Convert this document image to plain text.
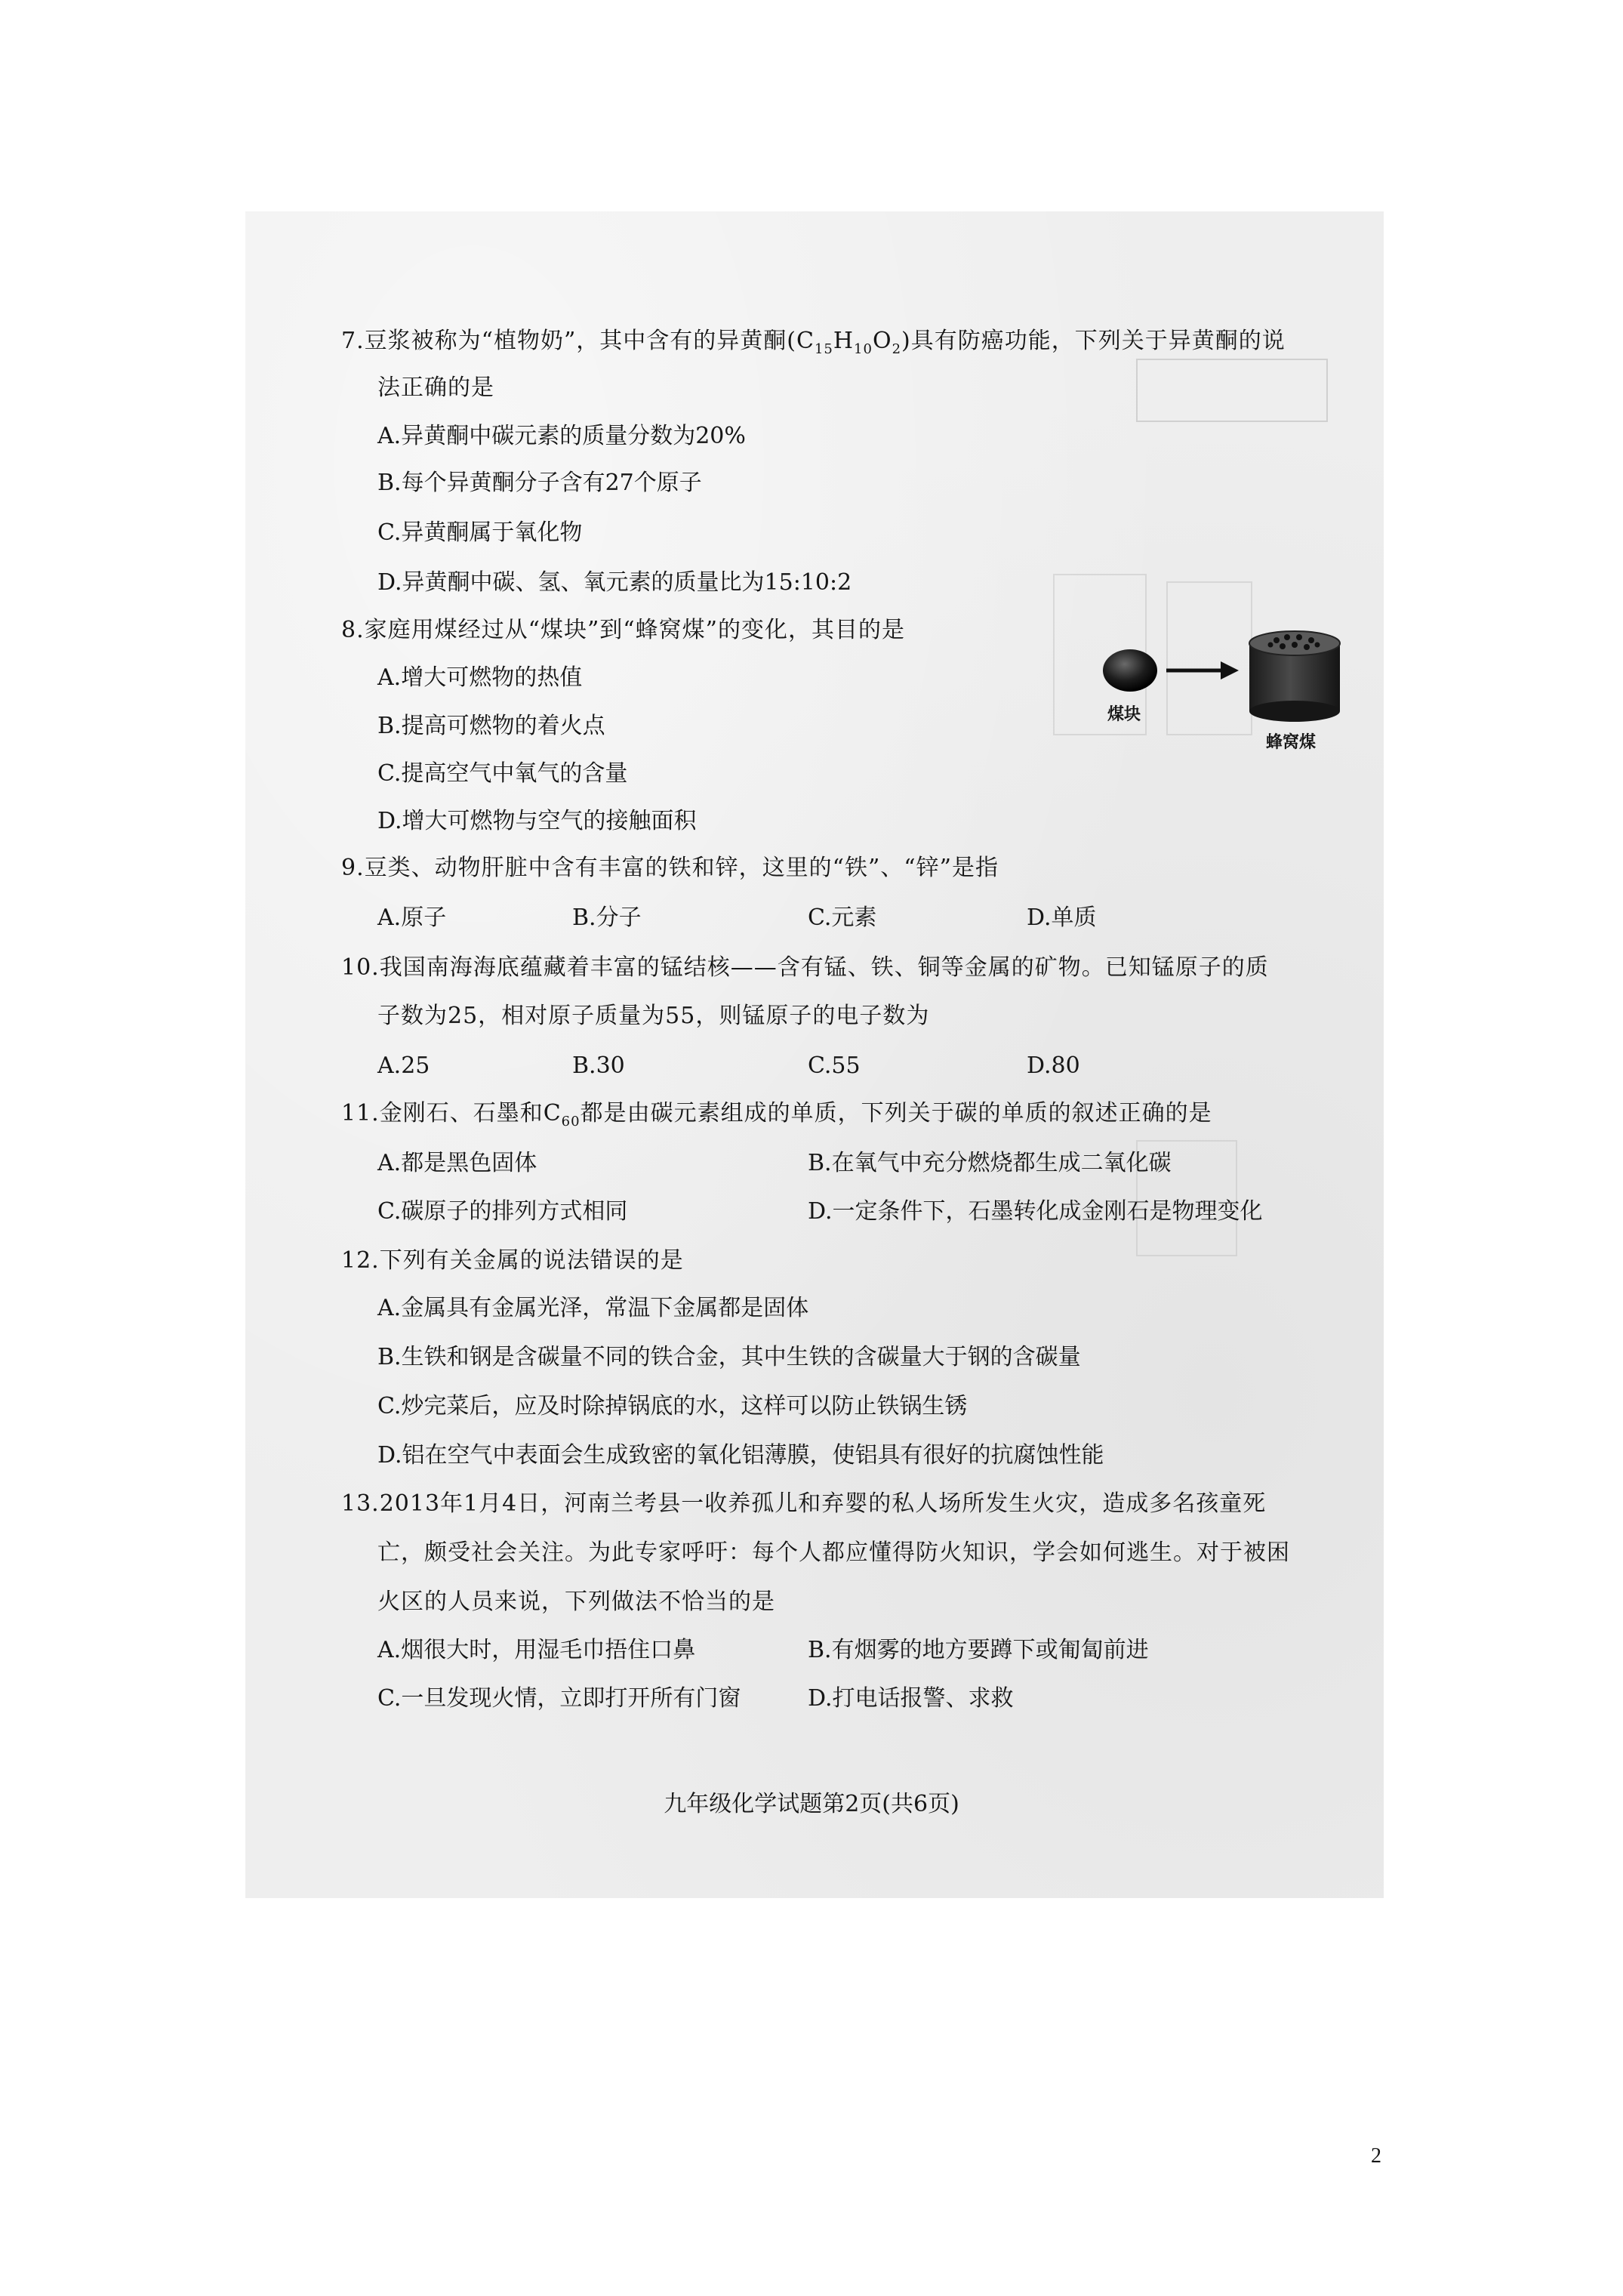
7.豆浆被称为“植物奶”，其中含有的异黄酮$(C_{15}H_{10}O_2)$具有防癌功能，下列关于异黄酮的说
法正确的是
A.异黄酮中碳元素的质量分数为20%
B.每个异黄酮分子含有27个原子
C.异黄酮属于氧化物
D.异黄酮中碳、氢、氧元素的质量比为15:10:2
8.家庭用煤经过从“煤块”到“蜂窝煤”的变化，其目的是
A.增大可燃物的热值
B.提高可燃物的着火点
C.提高空气中氧气的含量
D.增大可燃物与空气的接触面积
煤块
蜂窝煤
9.豆类、动物肝脏中含有丰富的铁和锌，这里的“铁”、“锌”是指
A.原子	B.分子	C.元素	D.单质
10.我国南海海底蕴藏着丰富的锰结核——含有锰、铁、铜等金属的矿物。已知锰原子的质
子数为25，相对原子质量为55，则锰原子的电子数为
A.25	B.30	C.55	D.80
11.金刚石、石墨和$C_{60}$都是由碳元素组成的单质，下列关于碳的单质的叙述正确的是
A.都是黑色固体	B.在氧气中充分燃烧都生成二氧化碳
C.碳原子的排列方式相同	D.一定条件下，石墨转化成金刚石是物理变化
12.下列有关金属的说法错误的是
A.金属具有金属光泽，常温下金属都是固体
B.生铁和钢是含碳量不同的铁合金，其中生铁的含碳量大于钢的含碳量
C.炒完菜后，应及时除掉锅底的水，这样可以防止铁锅生锈
D.铝在空气中表面会生成致密的氧化铝薄膜，使铝具有很好的抗腐蚀性能
13.2013年1月4日，河南兰考县一收养孤儿和弃婴的私人场所发生火灾，造成多名孩童死
亡，颇受社会关注。为此专家呼吁：每个人都应懂得防火知识，学会如何逃生。对于被困
火区的人员来说，下列做法不恰当的是
A.烟很大时，用湿毛巾捂住口鼻	B.有烟雾的地方要蹲下或匍匐前进
C.一旦发现火情，立即打开所有门窗	D.打电话报警、求救
九年级化学试题第2页(共6页)
2
